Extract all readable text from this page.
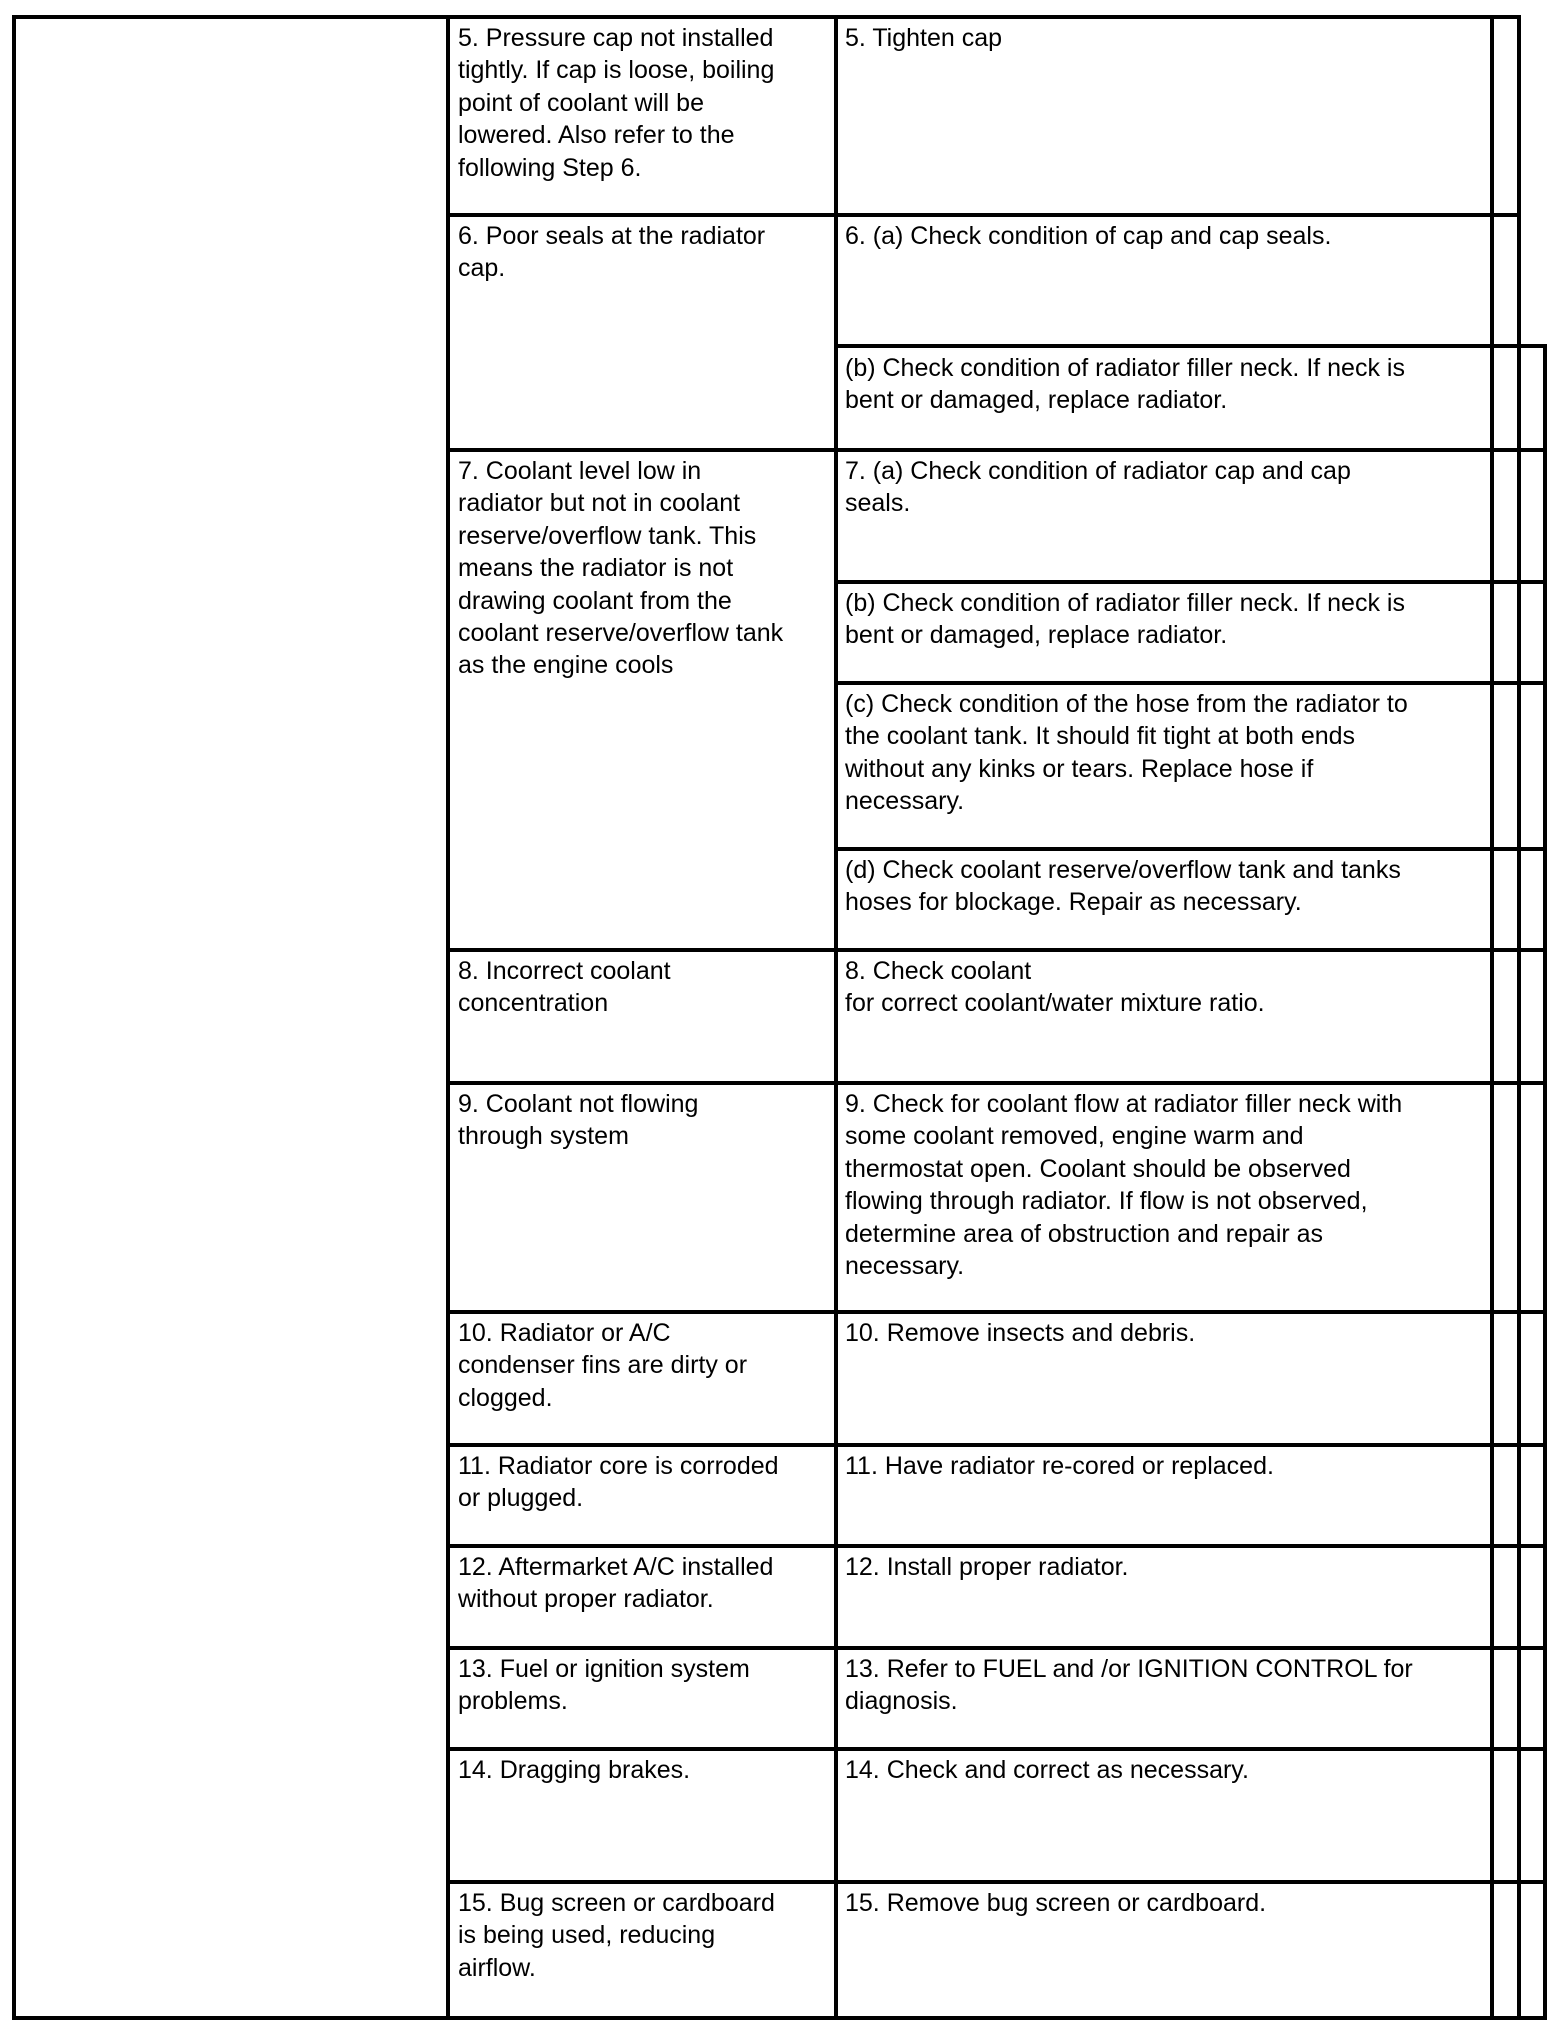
5. Pressure cap not installed
tightly. If cap is loose, boiling
point of coolant will be
lowered. Also refer to the
following Step 6.
6. Poor seals at the radiator
cap.
7. Coolant level low in
radiator but not in coolant
reserve/overflow tank. This
means the radiator is not
drawing coolant from the
coolant reserve/overflow tank
as the engine cools
8. Incorrect coolant
concentration
9. Coolant not flowing
through system
10. Radiator or A/C
condenser fins are dirty or
clogged.
11. Radiator core is corroded
or plugged.
12. Aftermarket A/C installed
without proper radiator.
13. Fuel or ignition system
problems.
14. Dragging brakes.
15. Bug screen or cardboard
is being used, reducing
airflow.
5. Tighten cap
6. (a) Check condition of cap and cap seals.
(b) Check condition of radiator filler neck. If neck is
bent or damaged, replace radiator.
7. (a) Check condition of radiator cap and cap
seals.
(b) Check condition of radiator filler neck. If neck is
bent or damaged, replace radiator.
(c) Check condition of the hose from the radiator to
the coolant tank. It should fit tight at both ends
without any kinks or tears. Replace hose if
necessary.
(d) Check coolant reserve/overflow tank and tanks
hoses for blockage. Repair as necessary.
8. Check coolant
for correct coolant/water mixture ratio.
9. Check for coolant flow at radiator filler neck with
some coolant removed, engine warm and
thermostat open. Coolant should be observed
flowing through radiator. If flow is not observed,
determine area of obstruction and repair as
necessary.
10. Remove insects and debris.
11. Have radiator re-cored or replaced.
12. Install proper radiator.
13. Refer to FUEL and /or IGNITION CONTROL for
diagnosis.
14. Check and correct as necessary.
15. Remove bug screen or cardboard.
